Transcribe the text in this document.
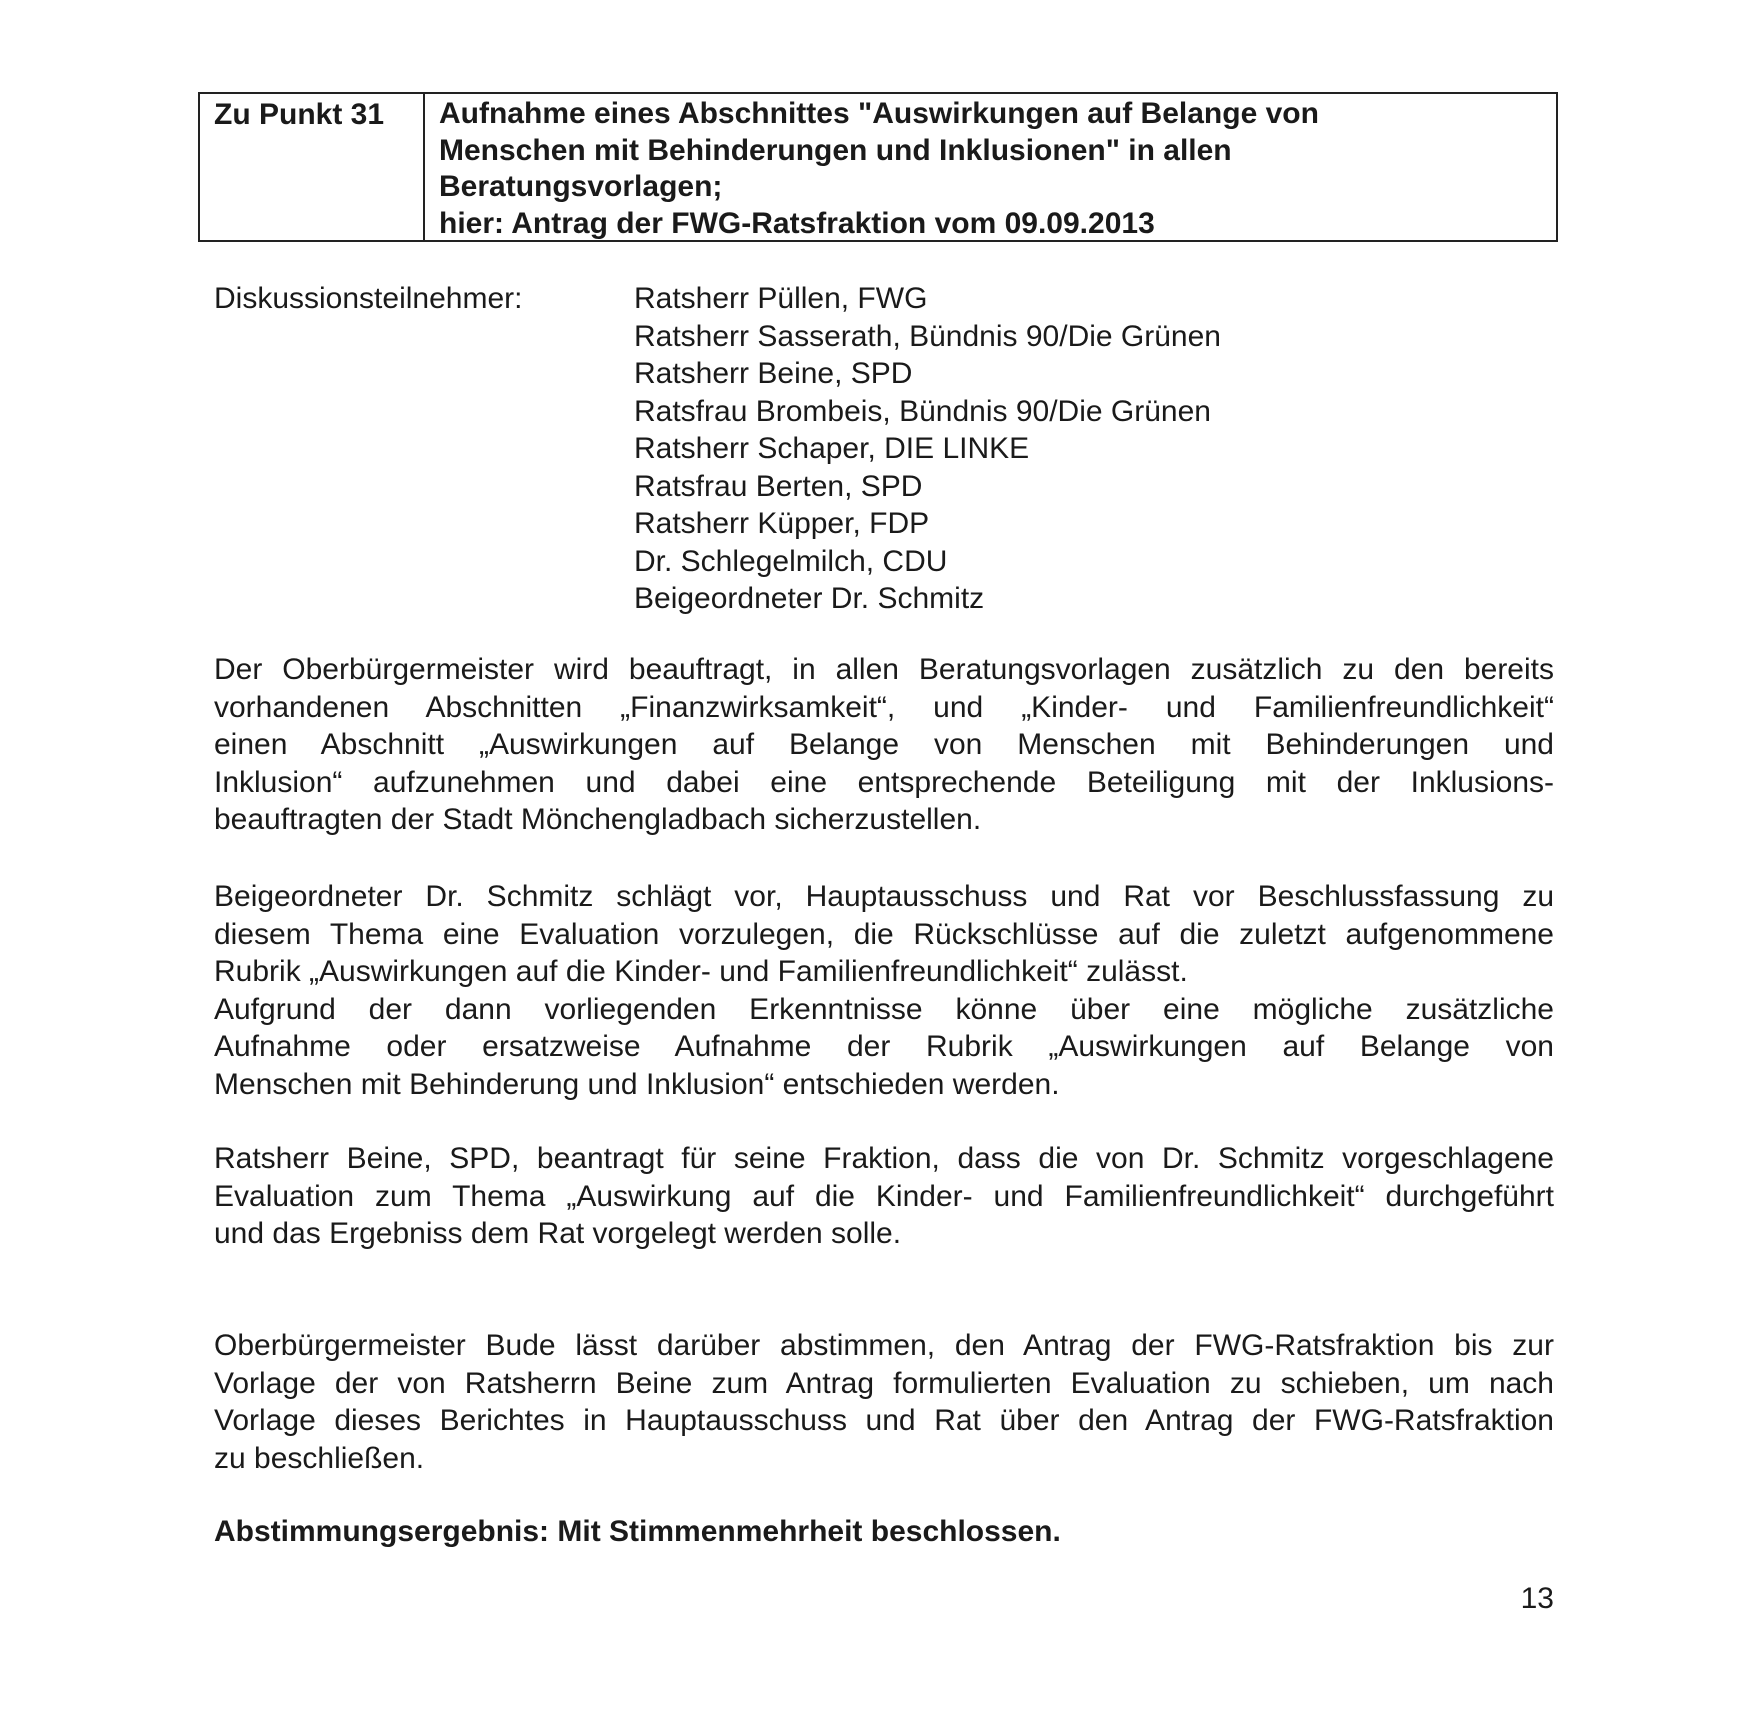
Zu Punkt 31	Aufnahme eines Abschnittes "Auswirkungen auf Belange von
Menschen mit Behinderungen und Inklusionen" in allen
Beratungsvorlagen;
hier: Antrag der FWG-Ratsfraktion vom 09.09.2013
Diskussionsteilnehmer:	Ratsherr Püllen, FWG
Ratsherr Sasserath, Bündnis 90/Die Grünen
Ratsherr Beine, SPD
Ratsfrau Brombeis, Bündnis 90/Die Grünen
Ratsherr Schaper, DIE LINKE
Ratsfrau Berten, SPD
Ratsherr Küpper, FDP
Dr. Schlegelmilch, CDU
Beigeordneter Dr. Schmitz

Der Oberbürgermeister wird beauftragt, in allen Beratungsvorlagen zusätzlich zu den bereits
vorhandenen Abschnitten „Finanzwirksamkeit“, und „Kinder- und Familienfreundlichkeit“
einen Abschnitt „Auswirkungen auf Belange von Menschen mit Behinderungen und
Inklusion“ aufzunehmen und dabei eine entsprechende Beteiligung mit der Inklusions-
beauftragten der Stadt Mönchengladbach sicherzustellen.

Beigeordneter Dr. Schmitz schlägt vor, Hauptausschuss und Rat vor Beschlussfassung zu
diesem Thema eine Evaluation vorzulegen, die Rückschlüsse auf die zuletzt aufgenommene
Rubrik „Auswirkungen auf die Kinder- und Familienfreundlichkeit“ zulässt.
Aufgrund der dann vorliegenden Erkenntnisse könne über eine mögliche zusätzliche
Aufnahme oder ersatzweise Aufnahme der Rubrik „Auswirkungen auf Belange von
Menschen mit Behinderung und Inklusion“ entschieden werden.

Ratsherr Beine, SPD, beantragt für seine Fraktion, dass die von Dr. Schmitz vorgeschlagene
Evaluation zum Thema „Auswirkung auf die Kinder- und Familienfreundlichkeit“ durchgeführt
und das Ergebniss dem Rat vorgelegt werden solle.

Oberbürgermeister Bude lässt darüber abstimmen, den Antrag der FWG-Ratsfraktion bis zur
Vorlage der von Ratsherrn Beine zum Antrag formulierten Evaluation zu schieben, um nach
Vorlage dieses Berichtes in Hauptausschuss und Rat über den Antrag der FWG-Ratsfraktion
zu beschließen.

Abstimmungsergebnis: Mit Stimmenmehrheit beschlossen.
13
